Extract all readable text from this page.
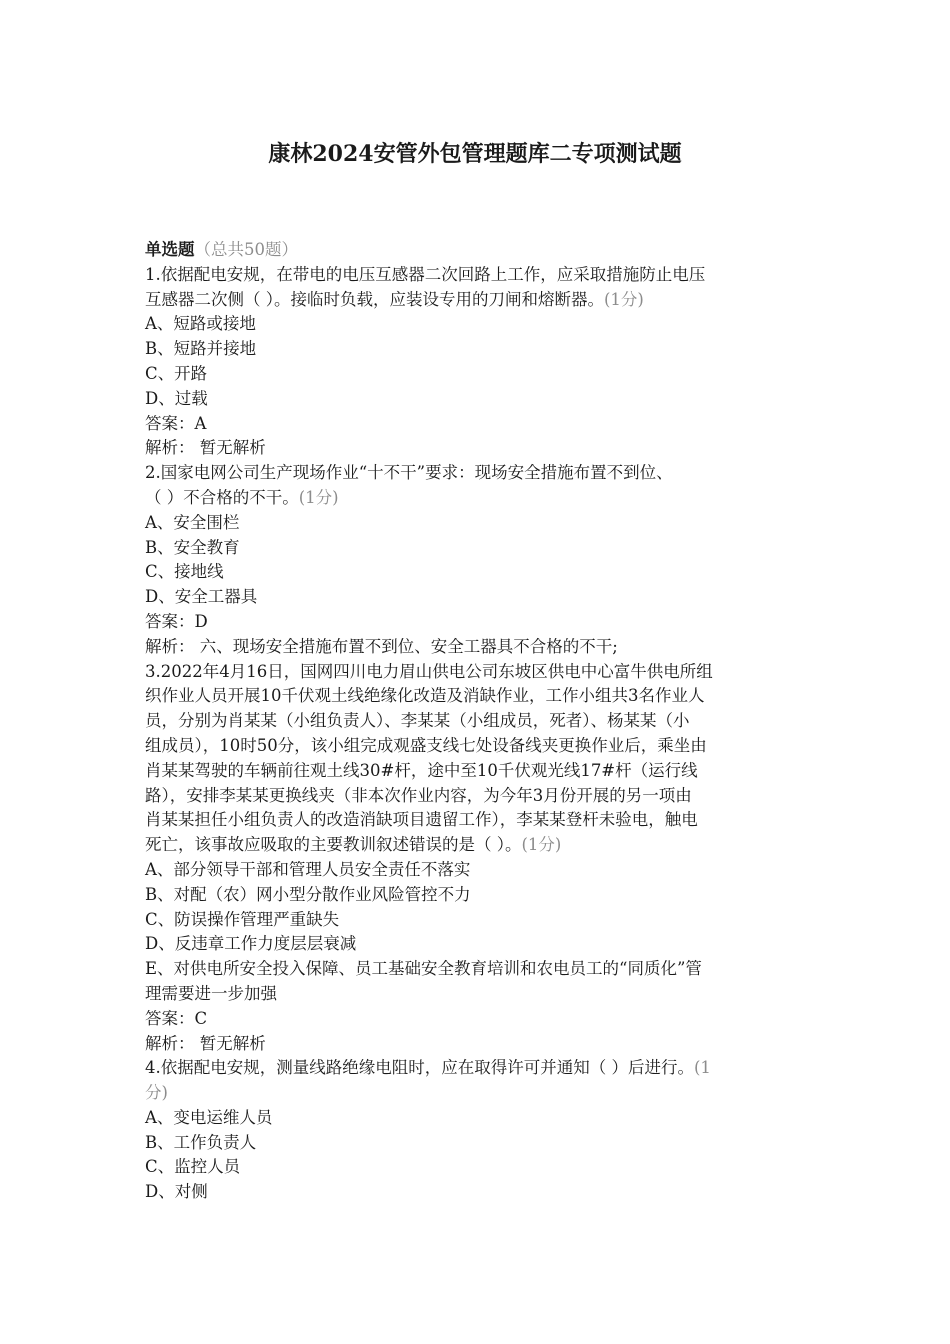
康林2024安管外包管理题库二专项测试题
单选题（总共50题）
1.依据配电安规，在带电的电压互感器二次回路上工作，应采取措施防止电压
互感器二次侧（ ）。接临时负载，应装设专用的刀闸和熔断器。(1分)
A、短路或接地
B、短路并接地
C、开路
D、过载
答案：A
解析： 暂无解析
2.国家电网公司生产现场作业“十不干”要求：现场安全措施布置不到位、
（ ）不合格的不干。(1分)
A、安全围栏
B、安全教育
C、接地线
D、安全工器具
答案：D
解析： 六、现场安全措施布置不到位、安全工器具不合格的不干;
3.2022年4月16日，国网四川电力眉山供电公司东坡区供电中心富牛供电所组
织作业人员开展10千伏观土线绝缘化改造及消缺作业，工作小组共3名作业人
员，分别为肖某某（小组负责人）、李某某（小组成员，死者）、杨某某（小
组成员），10时50分，该小组完成观盛支线七处设备线夹更换作业后，乘坐由
肖某某驾驶的车辆前往观土线30#杆，途中至10千伏观光线17#杆（运行线
路），安排李某某更换线夹（非本次作业内容，为今年3月份开展的另一项由
肖某某担任小组负责人的改造消缺项目遗留工作），李某某登杆未验电，触电
死亡，该事故应吸取的主要教训叙述错误的是（ ）。(1分)
A、部分领导干部和管理人员安全责任不落实
B、对配（农）网小型分散作业风险管控不力
C、防误操作管理严重缺失
D、反违章工作力度层层衰减
E、对供电所安全投入保障、员工基础安全教育培训和农电员工的“同质化”管
理需要进一步加强
答案：C
解析： 暂无解析
4.依据配电安规，测量线路绝缘电阻时，应在取得许可并通知（ ）后进行。(1
分)
A、变电运维人员
B、工作负责人
C、监控人员
D、对侧
